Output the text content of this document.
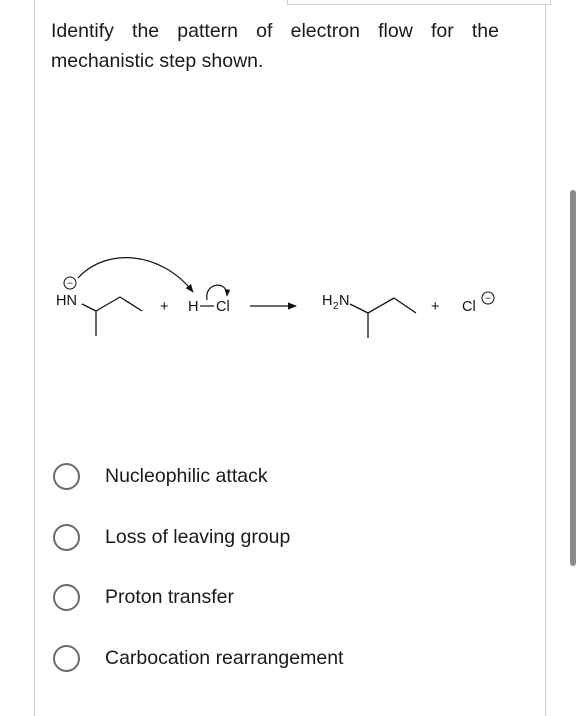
Identify the pattern of electron flow for the mechanistic step shown.
−
HN	+ H Cl	H 2 N	+ Cl −
Nucleophilic attack
Loss of leaving group
Proton transfer
Carbocation rearrangement
